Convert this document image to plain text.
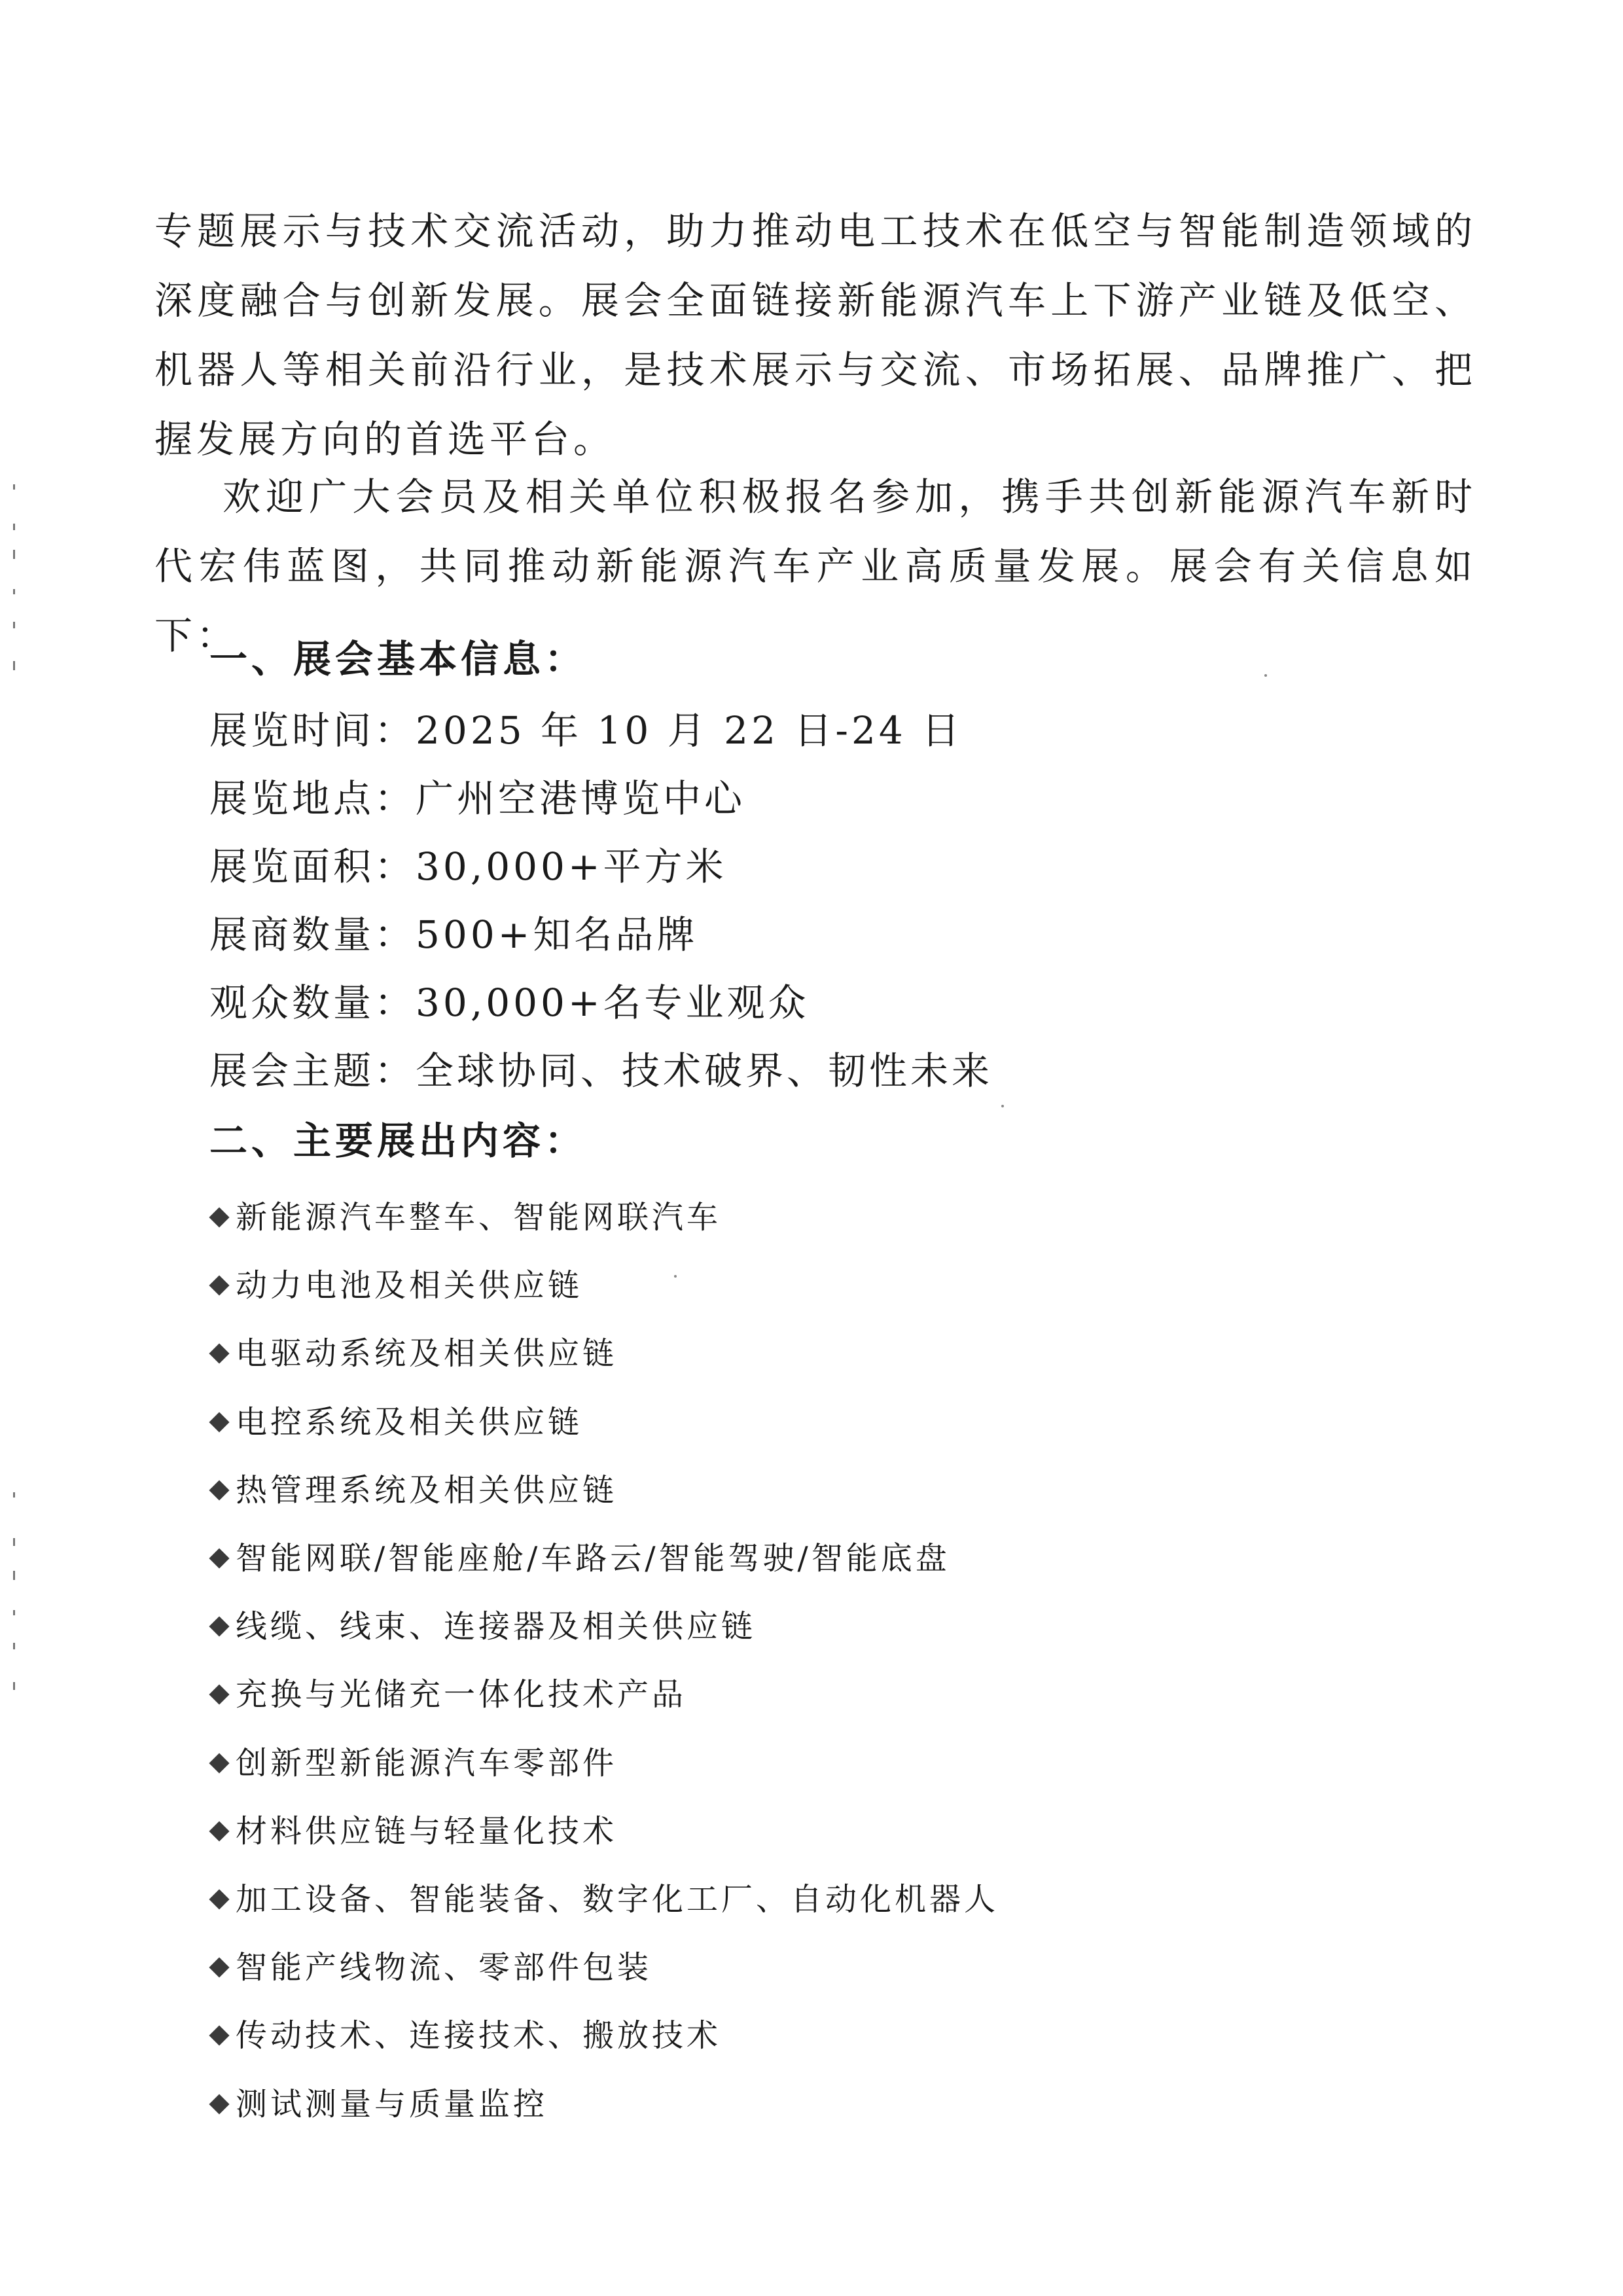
专题展示与技术交流活动，助力推动电工技术在低空与智能制造领域的深度融合与创新发展。展会全面链接新能源汽车上下游产业链及低空、机器人等相关前沿行业，是技术展示与交流、市场拓展、品牌推广、把握发展方向的首选平台。

欢迎广大会员及相关单位积极报名参加，携手共创新能源汽车新时代宏伟蓝图，共同推动新能源汽车产业高质量发展。展会有关信息如下：

一、展会基本信息：
展览时间：2025 年 10 月 22 日-24 日
展览地点：广州空港博览中心
展览面积：30,000+平方米
展商数量：500+知名品牌
观众数量：30,000+名专业观众
展会主题：全球协同、技术破界、韧性未来
二、主要展出内容：
新能源汽车整车、智能网联汽车
动力电池及相关供应链
电驱动系统及相关供应链
电控系统及相关供应链
热管理系统及相关供应链
智能网联/智能座舱/车路云/智能驾驶/智能底盘
线缆、线束、连接器及相关供应链
充换与光储充一体化技术产品
创新型新能源汽车零部件
材料供应链与轻量化技术
加工设备、智能装备、数字化工厂、自动化机器人
智能产线物流、零部件包装
传动技术、连接技术、搬放技术
测试测量与质量监控
